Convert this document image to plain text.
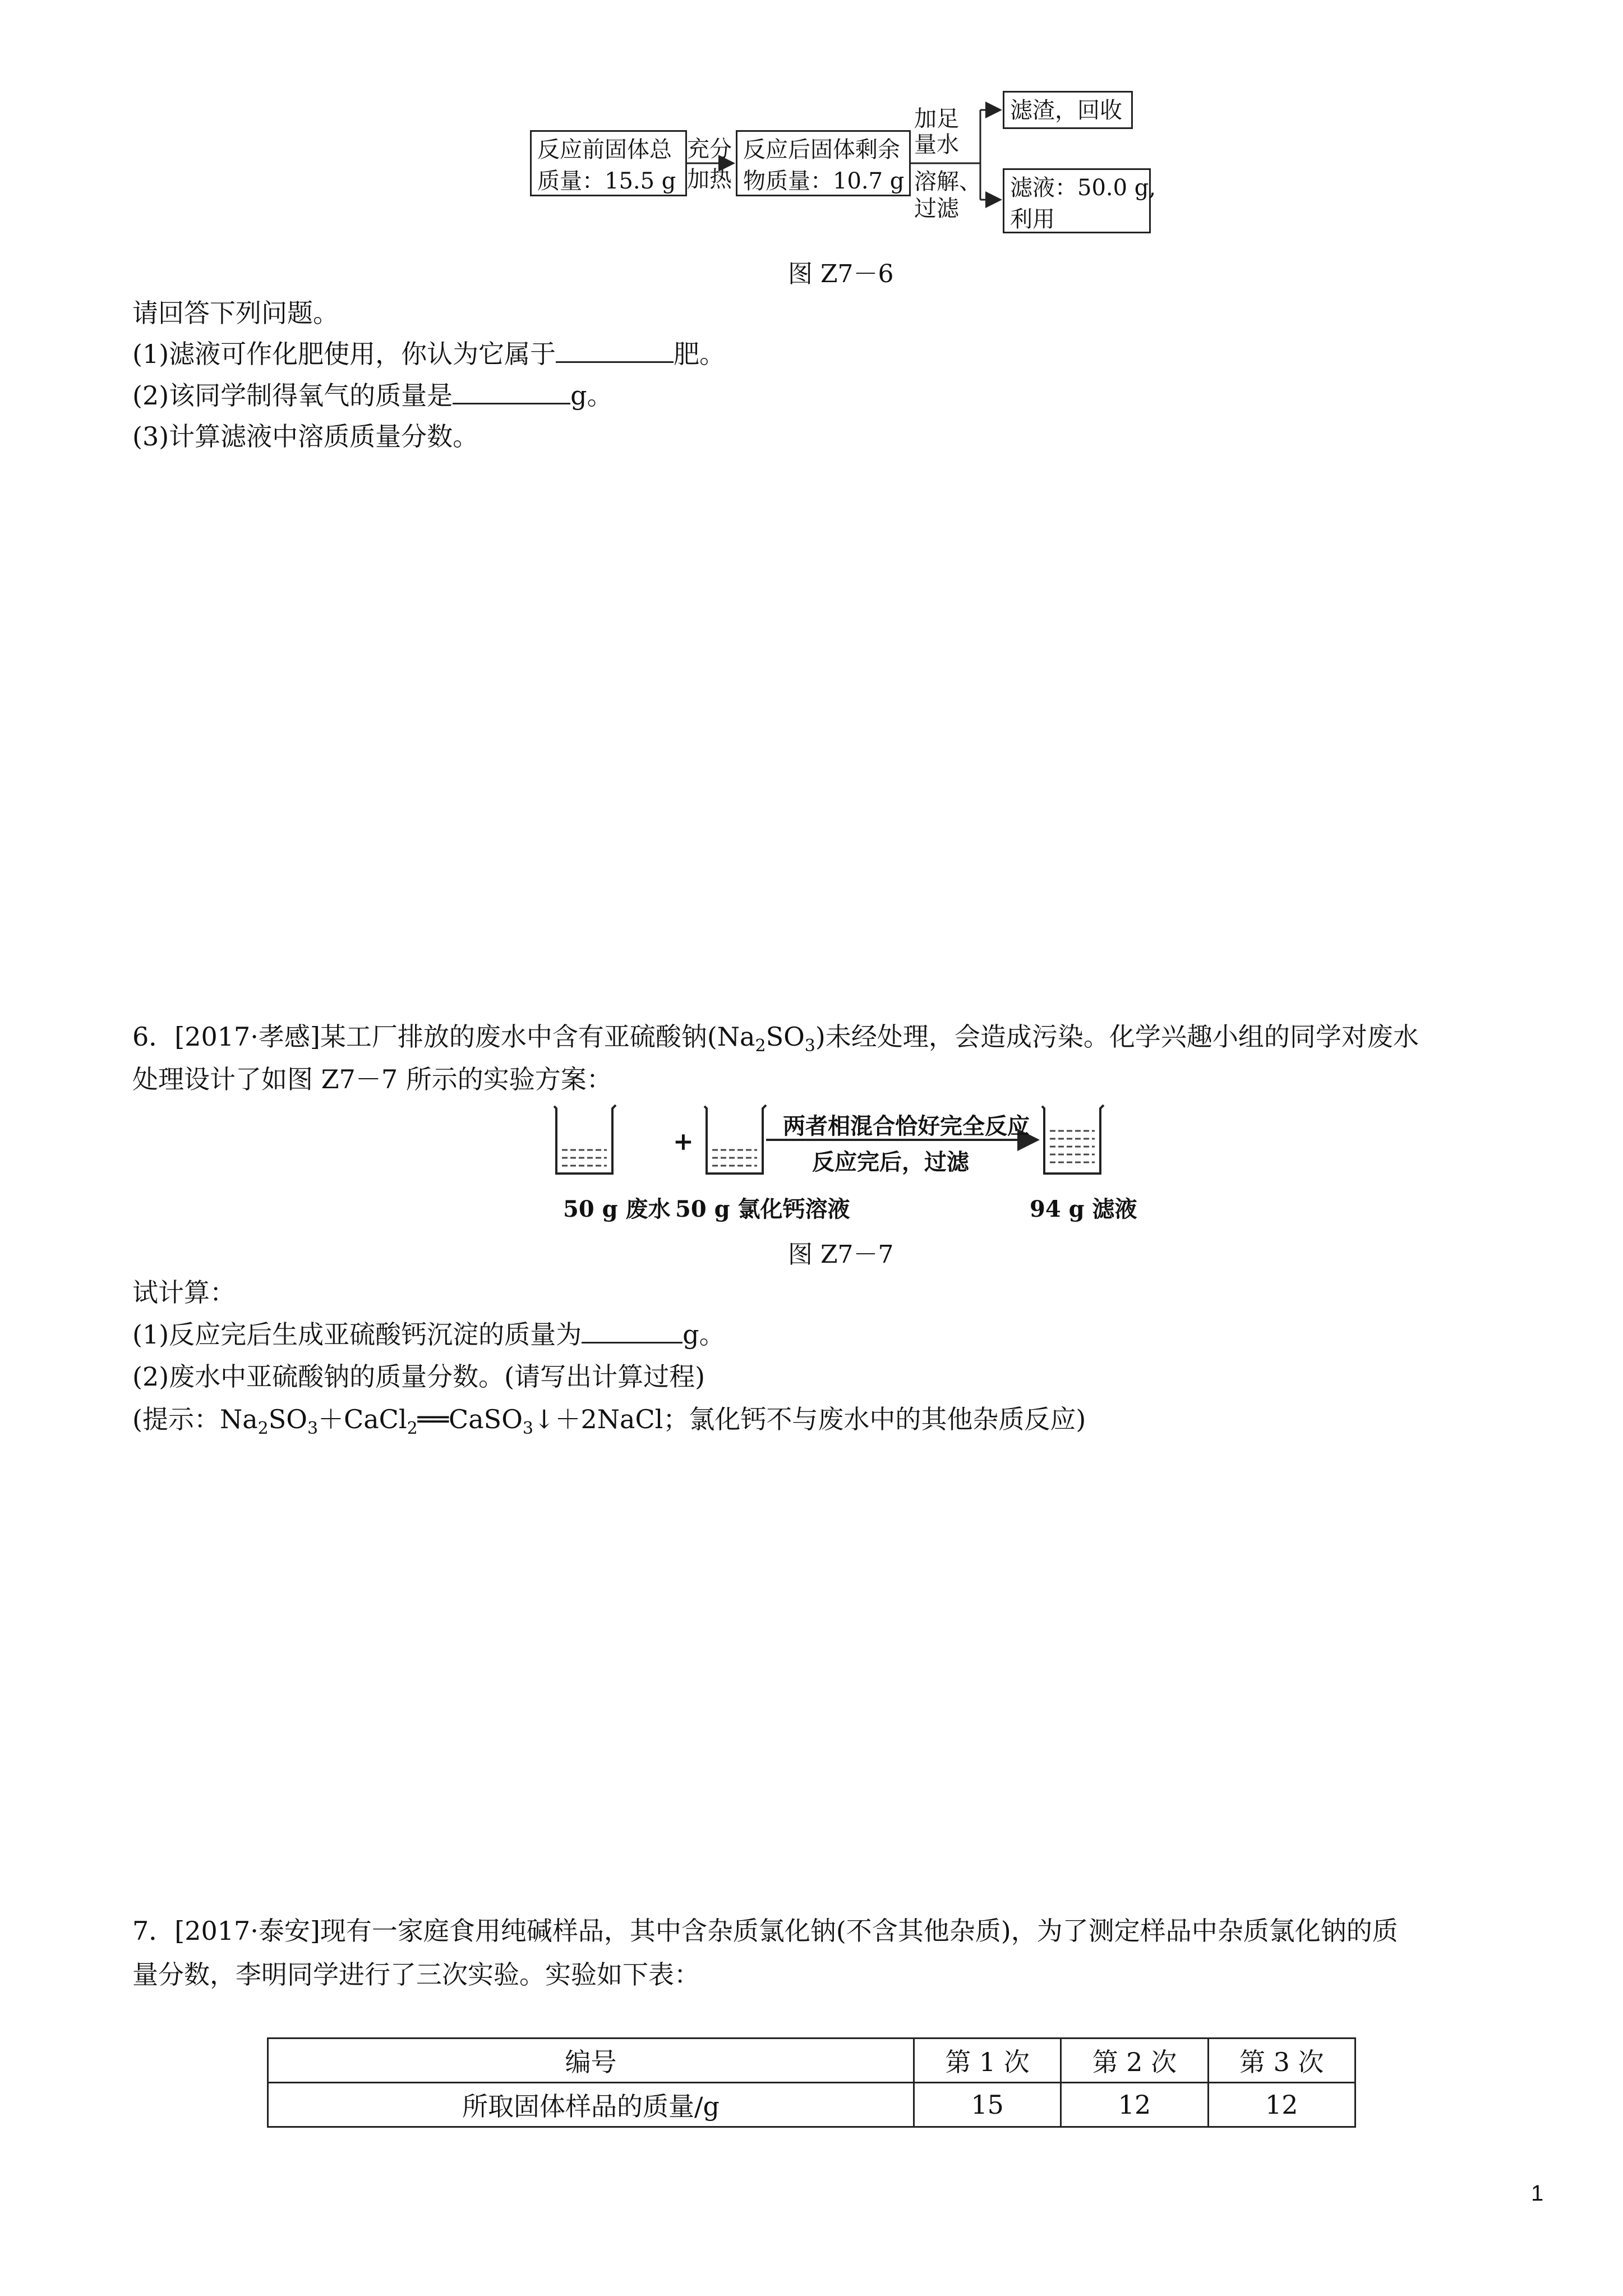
反应前固体总
质量：15.5 g
充分
加热
反应后固体剩余
物质量：10.7 g
加足
量水
溶解、
过滤
滤渣，回收
滤液：50.0 g,
利用
图 Z7－6
请回答下列问题。
(1)滤液可作化肥使用，你认为它属于	肥。
(2)该同学制得氧气的质量是	g。
(3)计算滤液中溶质质量分数。
6．[2017·孝感]某工厂排放的废水中含有亚硫酸钠$(Na_2SO_3)$未经处理，会造成污染。化学兴趣小组的同学对废水
处理设计了如图 Z7－7 所示的实验方案：
+
两者相混合恰好完全反应
反应完后，过滤
50 g 废水 50 g 氯化钙溶液	94 g 滤液
图 Z7－7
试计算：
(1)反应完后生成亚硫酸钙沉淀的质量为	g。
(2)废水中亚硫酸钠的质量分数。(请写出计算过程)
(提示：$Na_2SO_3+CaCl_2══CaSO_3↓+2NaCl$；氯化钙不与废水中的其他杂质反应)
7．[2017·泰安]现有一家庭食用纯碱样品，其中含杂质氯化钠(不含其他杂质)，为了测定样品中杂质氯化钠的质
量分数，李明同学进行了三次实验。实验如下表：
编号	第 1 次	第 2 次	第 3 次
所取固体样品的质量/g	15	12	12
1
